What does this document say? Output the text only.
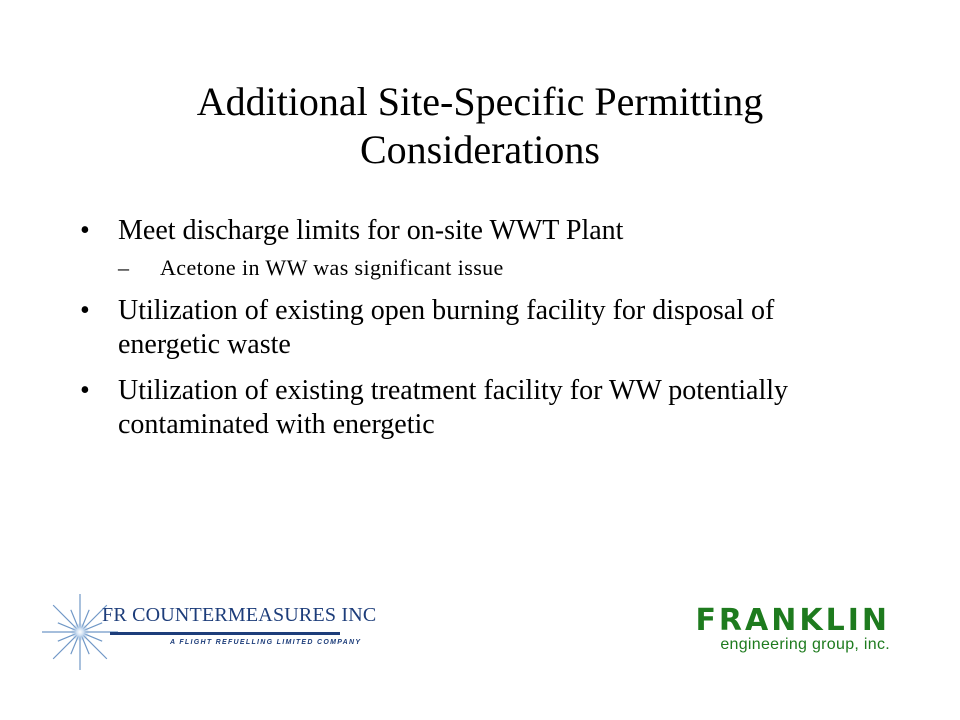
Additional Site-Specific Permitting Considerations
• Meet discharge limits for on-site WWT Plant
– Acetone in WW was significant issue
• Utilization of existing open burning facility for disposal of energetic waste
• Utilization of existing treatment facility for WW potentially contaminated with energetic
FR COUNTERMEASURES INC
A FLIGHT REFUELLING LIMITED COMPANY
FRANKLIN
engineering group, inc.
